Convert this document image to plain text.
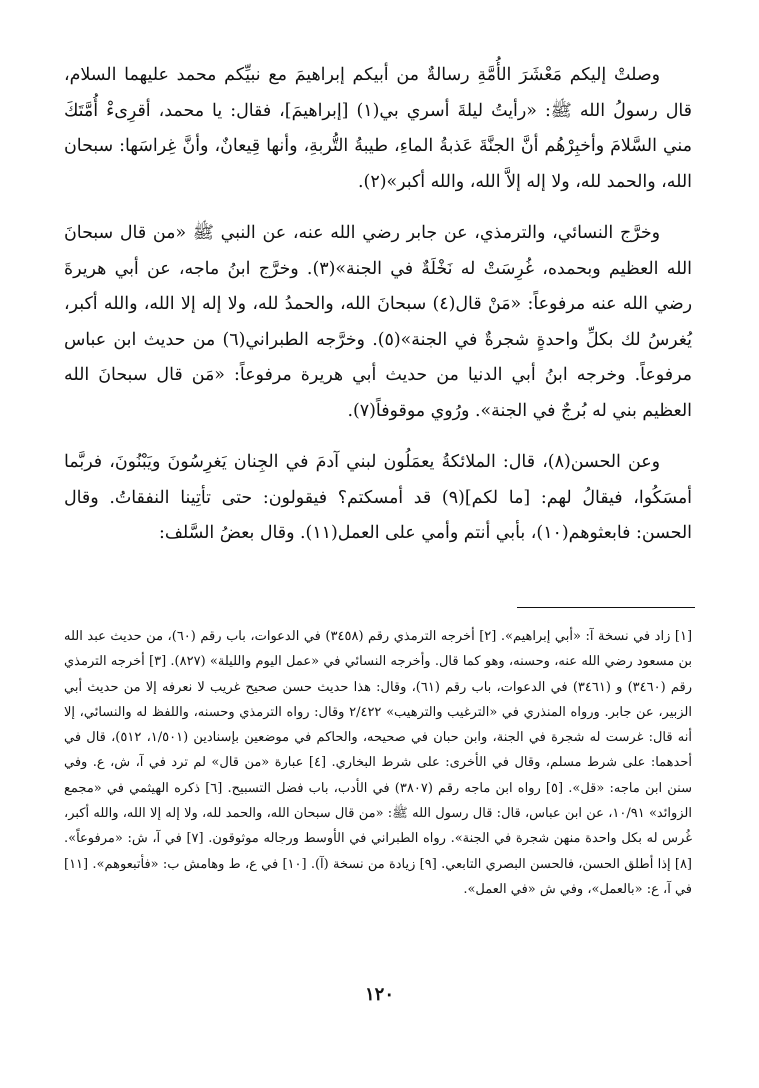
وصلتْ إليكم مَعْشَرَ الأُمَّةِ رسالةٌ من أبيكم إبراهيمَ مع نبيِّكم محمد عليهما السلام، قال رسولُ الله ﷺ: «رأيتُ ليلةَ أسري بي(١) [إبراهيمَ]، فقال: يا محمد، أقرِىءْ أُمَّتَكَ مني السَّلامَ وأخبِرْهُم أنَّ الجنَّةَ عَذبةُ الماءِ، طيبةُ التُّربةِ، وأنها قِيعانٌ، وأنَّ غِراسَها: سبحان الله، والحمد لله، ولا إله إلاَّ الله، والله أكبر»(٢).

وخرَّج النسائي، والترمذي، عن جابر رضي الله عنه، عن النبي ﷺ «من قال سبحانَ الله العظيم وبحمده، غُرِسَتْ له نَخْلَةٌ في الجنة»(٣). وخرَّج ابنُ ماجه، عن أبي هريرةَ رضي الله عنه مرفوعاً: «مَنْ قال(٤) سبحانَ الله، والحمدُ لله، ولا إله إلا الله، والله أكبر، يُغرسُ لك بكلِّ واحدةٍ شجرةٌ في الجنة»(٥). وخرَّجه الطبراني(٦) من حديث ابن عباس مرفوعاً. وخرجه ابنُ أبي الدنيا من حديث أبي هريرة مرفوعاً: «مَن قال سبحانَ الله العظيم بني له بُرجٌ في الجنة». ورُوي موقوفاً(٧).

وعن الحسن(٨)، قال: الملائكةُ يعمَلُون لبني آدمَ في الجِنان يَغرِسُونَ ويَبْنُونَ، فربَّما أمسَكُوا، فيقالُ لهم: [ما لكم](٩) قد أمسكتم؟ فيقولون: حتى تأتِينا النفقاتُ. وقال الحسن: فابعثوهم(١٠)، بأبي أنتم وأمي على العمل(١١). وقال بعضُ السَّلف:

[١] زاد في نسخة آ: «أبي إبراهيم». [٢] أخرجه الترمذي رقم (٣٤٥٨) في الدعوات، باب رقم (٦٠)، من حديث عبد الله بن مسعود رضي الله عنه، وحسنه، وهو كما قال. وأخرجه النسائي في «عمل اليوم والليلة» (٨٢٧). [٣] أخرجه الترمذي رقم (٣٤٦٠) و (٣٤٦١) في الدعوات، باب رقم (٦١)، وقال: هذا حديث حسن صحيح غريب لا نعرفه إلا من حديث أبي الزبير، عن جابر. ورواه المنذري في «الترغيب والترهيب» ٢/٤٢٢ وقال: رواه الترمذي وحسنه، واللفظ له والنسائي، إلا أنه قال: غرست له شجرة في الجنة، وابن حبان في صحيحه، والحاكم في موضعين بإسنادين (١/٥٠١، ٥١٢)، قال في أحدهما: على شرط مسلم، وقال في الأخرى: على شرط البخاري. [٤] عبارة «من قال» لم ترد في آ، ش، ع. وفي سنن ابن ماجه: «قل». [٥] رواه ابن ماجه رقم (٣٨٠٧) في الأدب، باب فضل التسبيح. [٦] ذكره الهيثمي في «مجمع الزوائد» ١٠/٩١، عن ابن عباس، قال: قال رسول الله ﷺ: «من قال سبحان الله، والحمد لله، ولا إله إلا الله، والله أكبر، غُرس له بكل واحدة منهن شجرة في الجنة». رواه الطبراني في الأوسط ورجاله موثوقون. [٧] في آ، ش: «مرفوعاً». [٨] إذا أطلق الحسن، فالحسن البصري التابعي. [٩] زيادة من نسخة (آ). [١٠] في ع، ط وهامش ب: «فأتبعوهم». [١١] في آ، ع: «بالعمل»، وفي ش «في العمل».

١٢٠
